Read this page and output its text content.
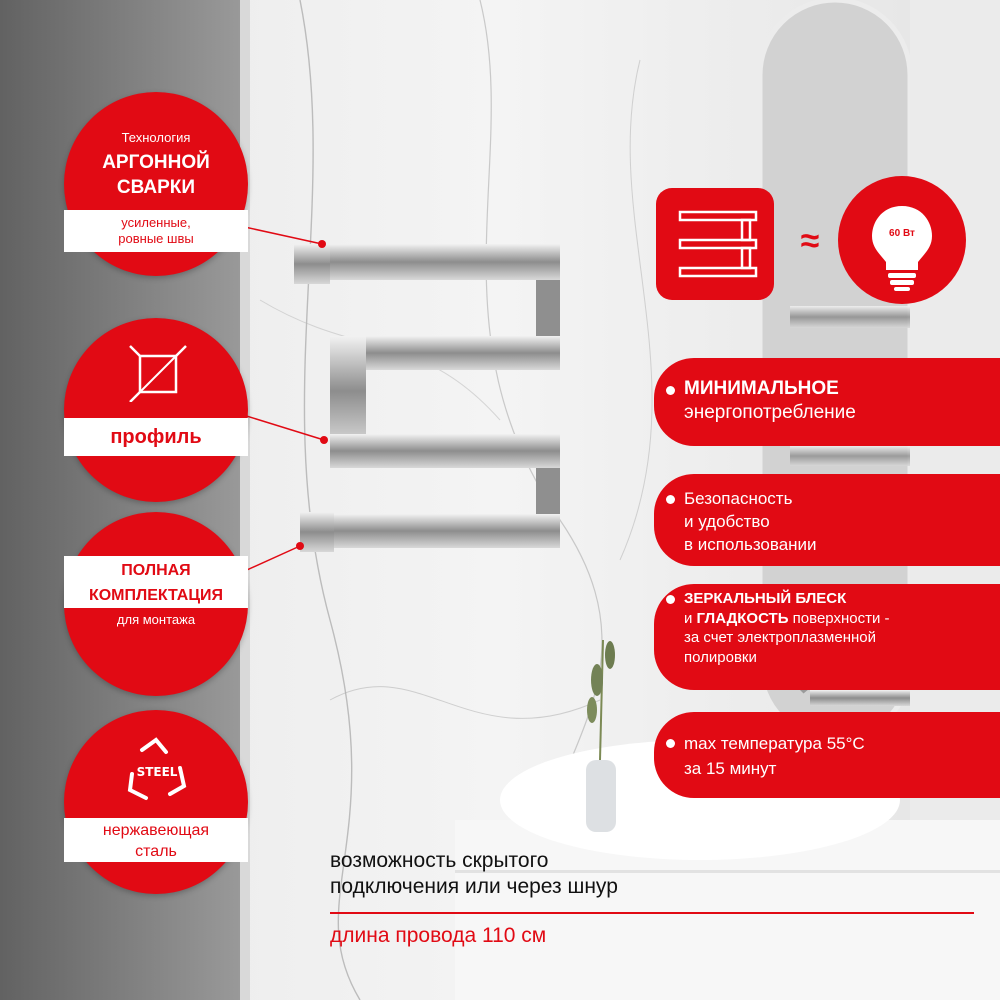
Технология
АРГОННОЙ
СВАРКИ
усиленные,
ровные швы
профиль
ПОЛНАЯ
КОМПЛЕКТАЦИЯ
для монтажа
STEEL
нержавеющая
сталь
≈	60 Вт
МИНИМАЛЬНОЕ
энергопотребление
Безопасность
и удобство
в использовании
ЗЕРКАЛЬНЫЙ БЛЕСК
и ГЛАДКОСТЬ поверхности -
за счет электроплазменной
полировки
max температура 55°C
за 15 минут
возможность скрытого
подключения или через шнур
длина провода 110 см
